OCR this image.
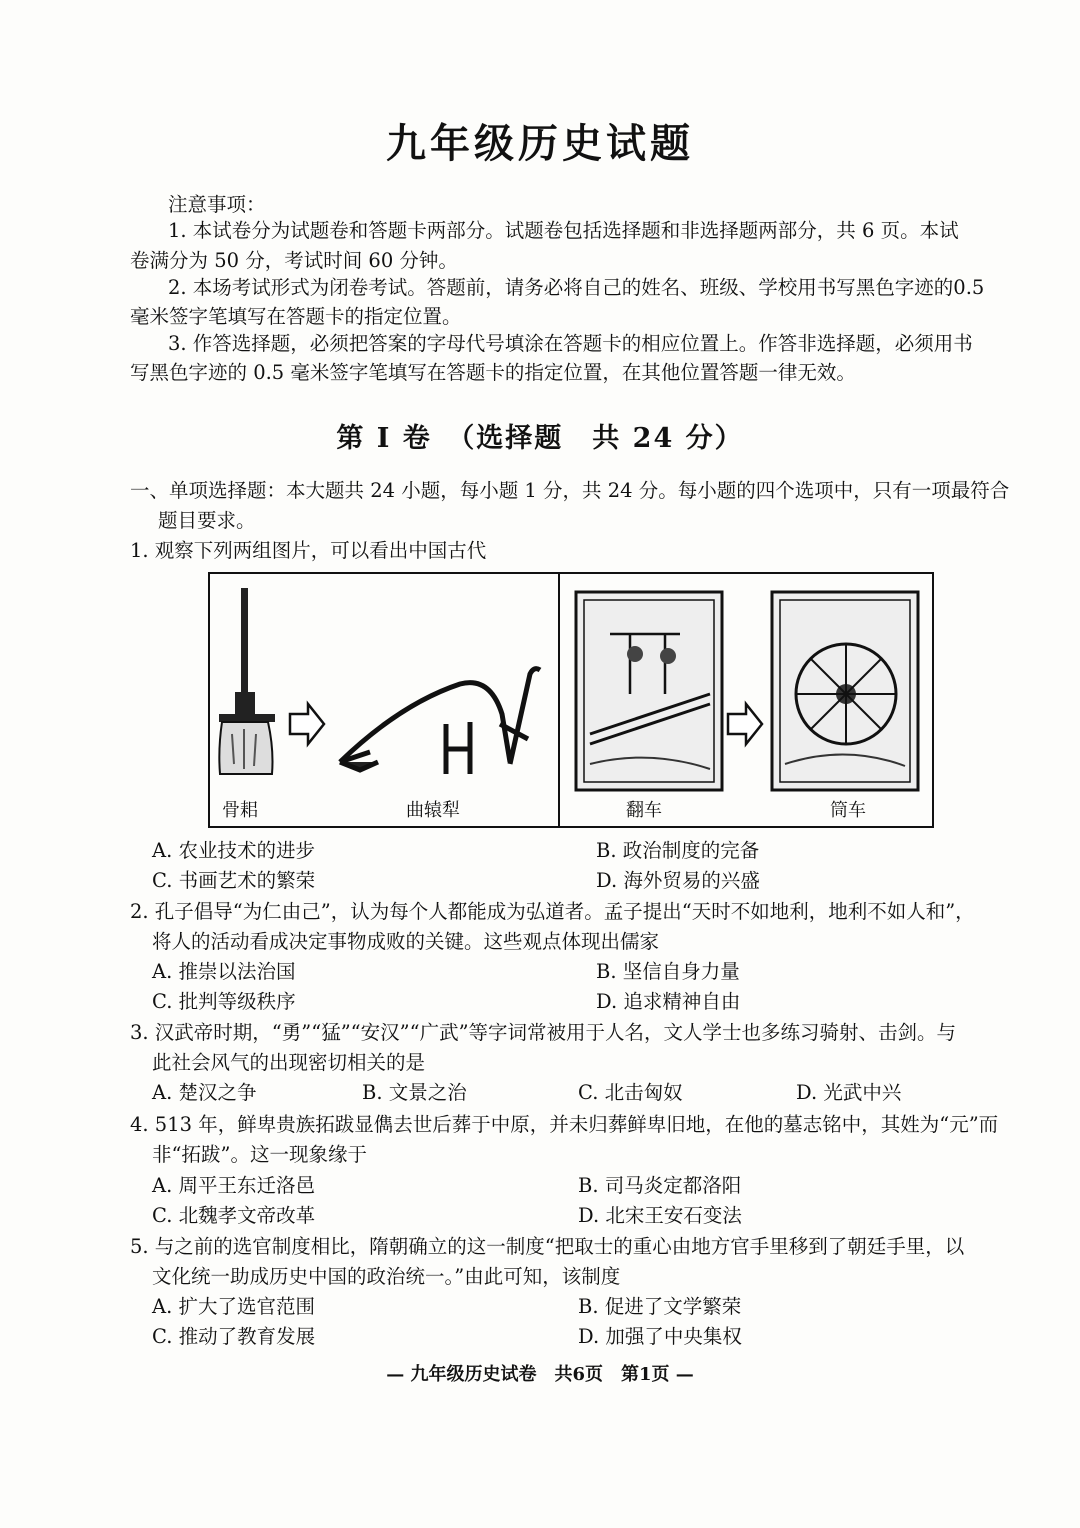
九年级历史试题
注意事项：
1. 本试卷分为试题卷和答题卡两部分。试题卷包括选择题和非选择题两部分，共 6 页。本试
卷满分为 50 分，考试时间 60 分钟。
2. 本场考试形式为闭卷考试。答题前，请务必将自己的姓名、班级、学校用书写黑色字迹的0.5
毫米签字笔填写在答题卡的指定位置。
3. 作答选择题，必须把答案的字母代号填涂在答题卡的相应位置上。作答非选择题，必须用书
写黑色字迹的 0.5 毫米签字笔填写在答题卡的指定位置，在其他位置答题一律无效。
第 I 卷　（选择题　共 24 分）
一、单项选择题：本大题共 24 小题，每小题 1 分，共 24 分。每小题的四个选项中，只有一项最符合
题目要求。
1. 观察下列两组图片，可以看出中国古代
骨耜	曲辕犁	翻车	筒车
A. 农业技术的进步	B. 政治制度的完备
C. 书画艺术的繁荣	D. 海外贸易的兴盛
2. 孔子倡导“为仁由己”，认为每个人都能成为弘道者。孟子提出“天时不如地利，地利不如人和”，
将人的活动看成决定事物成败的关键。这些观点体现出儒家
A. 推崇以法治国	B. 坚信自身力量
C. 批判等级秩序	D. 追求精神自由
3. 汉武帝时期，“勇”“猛”“安汉”“广武”等字词常被用于人名，文人学士也多练习骑射、击剑。与
此社会风气的出现密切相关的是
A. 楚汉之争	B. 文景之治	C. 北击匈奴	D. 光武中兴
4. 513 年，鲜卑贵族拓跋显儁去世后葬于中原，并未归葬鲜卑旧地，在他的墓志铭中，其姓为“元”而
非“拓跋”。这一现象缘于
A. 周平王东迁洛邑	B. 司马炎定都洛阳
C. 北魏孝文帝改革	D. 北宋王安石变法
5. 与之前的选官制度相比，隋朝确立的这一制度“把取士的重心由地方官手里移到了朝廷手里，以
文化统一助成历史中国的政治统一。”由此可知，该制度
A. 扩大了选官范围	B. 促进了文学繁荣
C. 推动了教育发展	D. 加强了中央集权
— 九年级历史试卷　共6页　第1页 —
